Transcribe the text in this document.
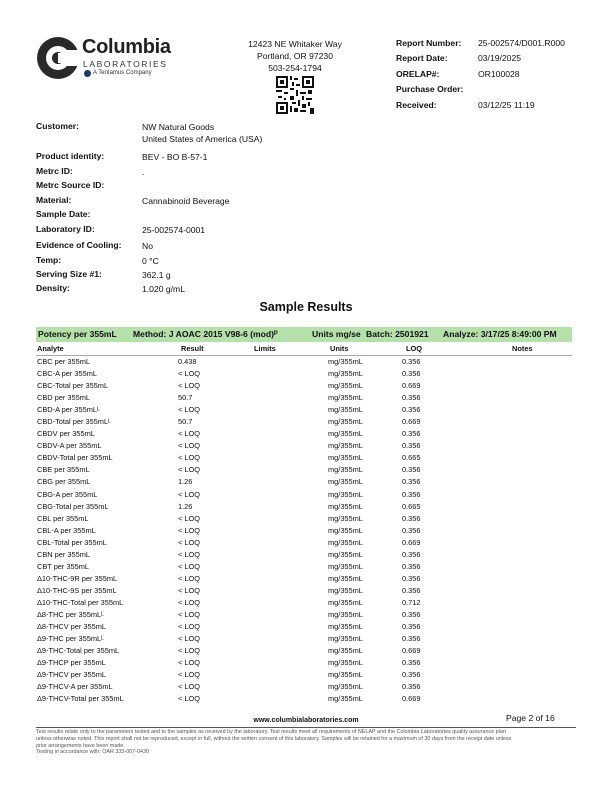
Columbia
LABORATORIES
A Tentamus Company
12423 NE Whitaker Way
Portland, OR 97230
503-254-1794
Report Number: 25-002574/D001.R000
Report Date:	03/19/2025
ORELAP#:	OR100028
Purchase Order:
Received:	03/12/25 11:19
Customer:	NW Natural Goods
United States of America (USA)
Product identity:	BEV - BO B-57-1
Metrc ID:	.
Metrc Source ID:
Material:	Cannabinoid Beverage
Sample Date:
Laboratory ID:	25-002574-0001
Evidence of Cooling: No
Temp:	0 °C
Serving Size #1:	362.1 g
Density:	1.020 g/mL
Sample Results
Potency per 355mL Method: J AOAC 2015 V98-6 (mod)ᴾ	Units mg/se Batch: 2501921 Analyze: 3/17/25 8:49:00 PM
Analyte	Result	Limits	Units	LOQ	Notes
CBC per 355mL	0.438	mg/355mL	0.356
CBC-A per 355mL	< LOQ	mg/355mL	0.356
CBC-Total per 355mL	< LOQ	mg/355mL	0.669
CBD per 355mL	50.7	mg/355mL	0.356
CBD-A per 355mLᴸ	< LOQ	mg/355mL	0.356
CBD-Total per 355mLᴸ	50.7	mg/355mL	0.669
CBDV per 355mL	< LOQ	mg/355mL	0.356
CBDV-A per 355mL	< LOQ	mg/355mL	0.356
CBDV-Total per 355mL	< LOQ	mg/355mL	0.665
CBE per 355mL	< LOQ	mg/355mL	0.356
CBG per 355mL	1.26	mg/355mL	0.356
CBG-A per 355mL	< LOQ	mg/355mL	0.356
CBG-Total per 355mL	1.26	mg/355mL	0.665
CBL per 355mL	< LOQ	mg/355mL	0.356
CBL-A per 355mL	< LOQ	mg/355mL	0.356
CBL-Total per 355mL	< LOQ	mg/355mL	0.669
CBN per 355mL	< LOQ	mg/355mL	0.356
CBT per 355mL	< LOQ	mg/355mL	0.356
Δ10-THC-9R per 355mL	< LOQ	mg/355mL	0.356
Δ10-THC-9S per 355mL	< LOQ	mg/355mL	0.356
Δ10-THC-Total per 355mL	< LOQ	mg/355mL	0.712
Δ8-THC per 355mLᴸ	< LOQ	mg/355mL	0.356
Δ8-THCV per 355mL	< LOQ	mg/355mL	0.356
Δ9-THC per 355mLᴸ	< LOQ	mg/355mL	0.356
Δ9-THC-Total per 355mL	< LOQ	mg/355mL	0.669
Δ9-THCP per 355mL	< LOQ	mg/355mL	0.356
Δ9-THCV per 355mL	< LOQ	mg/355mL	0.356
Δ9-THCV-A per 355mL	< LOQ	mg/355mL	0.356
Δ9-THCV-Total per 355mL	< LOQ	mg/355mL	0.669
www.columbialaboratories.com	Page 2 of 16
Test results relate only to the parameters tested and to the samples as received by the laboratory. Test results meet all requirements of NELAP and the Columbia Laboratories quality assurance plan
unless otherwise noted. This report shall not be reproduced, except in full, without the written consent of this laboratory. Samples will be retained for a maximum of 30 days from the receipt date unless
prior arrangements have been made.
Testing in accordance with: OAR 333-007-0430
